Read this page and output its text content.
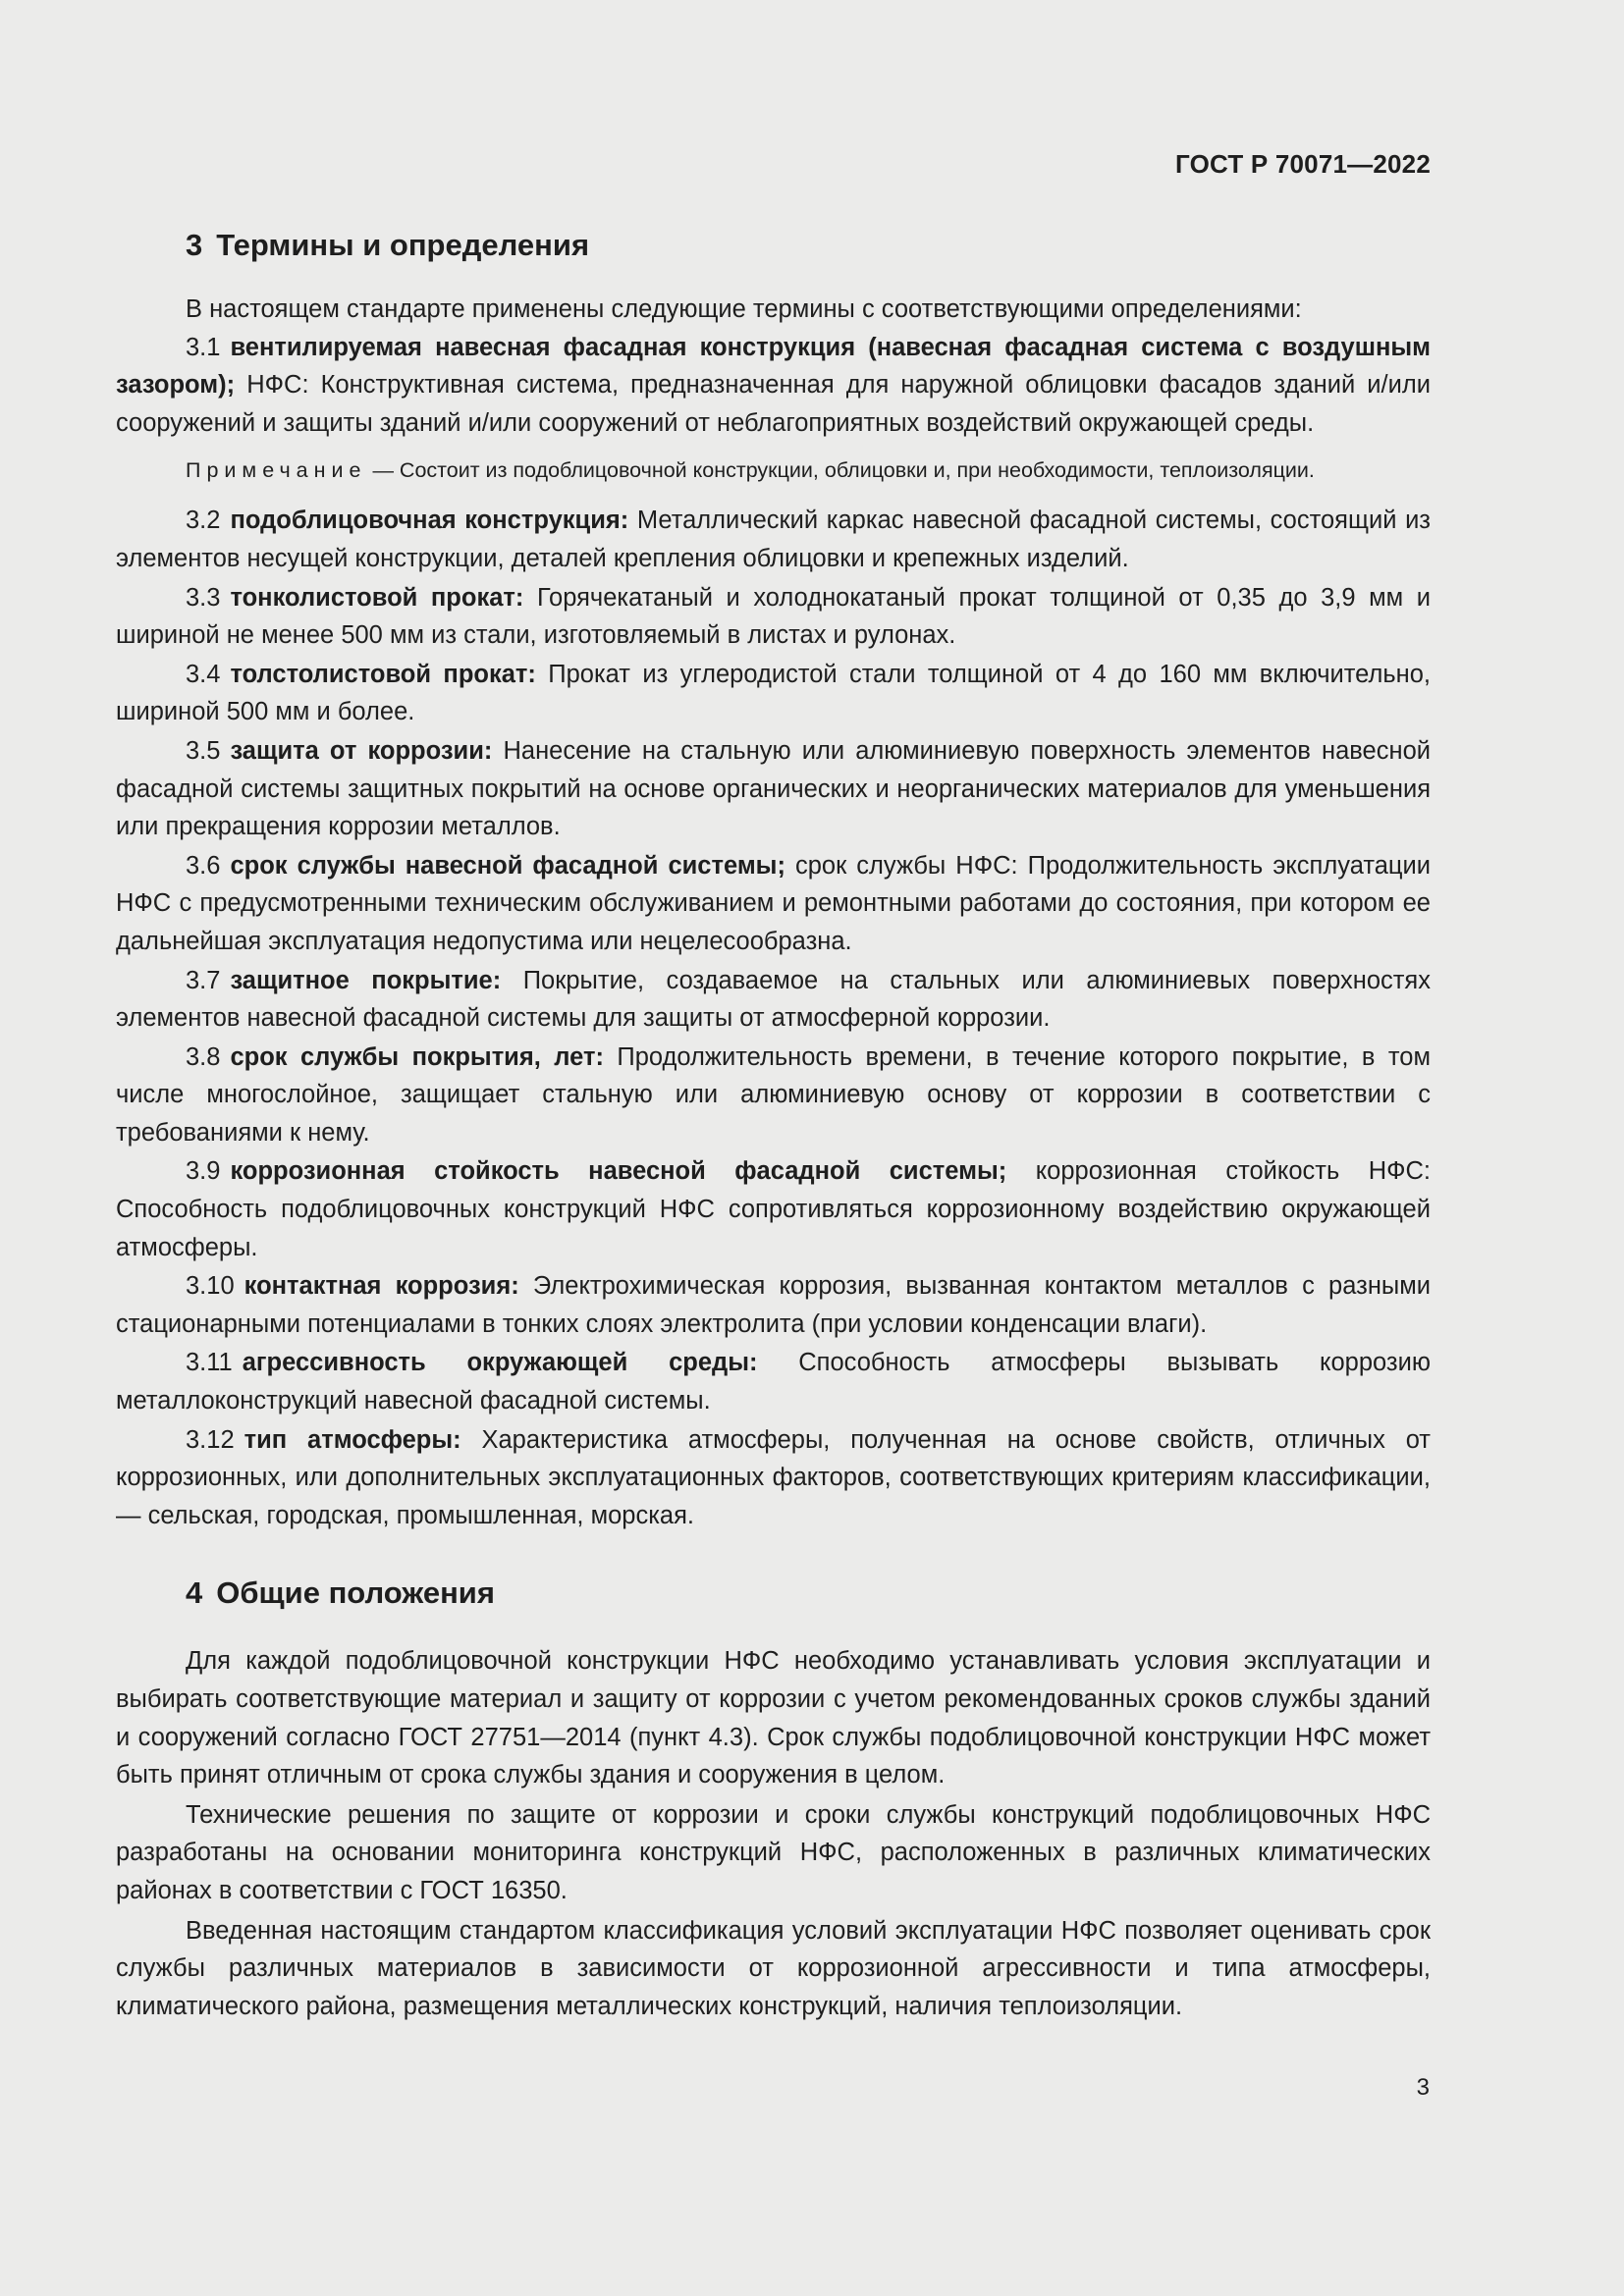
ГОСТ Р 70071—2022
3 Термины и определения

В настоящем стандарте применены следующие термины с соответствующими определениями:

3.1 вентилируемая навесная фасадная конструкция (навесная фасадная система с воздушным зазором); НФС: Конструктивная система, предназначенная для наружной облицовки фасадов зданий и/или сооружений и защиты зданий и/или сооружений от неблагоприятных воздействий окружающей среды.

Примечание — Состоит из подоблицовочной конструкции, облицовки и, при необходимости, теплоизоляции.

3.2 подоблицовочная конструкция: Металлический каркас навесной фасадной системы, состоящий из элементов несущей конструкции, деталей крепления облицовки и крепежных изделий.

3.3 тонколистовой прокат: Горячекатаный и холоднокатаный прокат толщиной от 0,35 до 3,9 мм и шириной не менее 500 мм из стали, изготовляемый в листах и рулонах.

3.4 толстолистовой прокат: Прокат из углеродистой стали толщиной от 4 до 160 мм включительно, шириной 500 мм и более.

3.5 защита от коррозии: Нанесение на стальную или алюминиевую поверхность элементов навесной фасадной системы защитных покрытий на основе органических и неорганических материалов для уменьшения или прекращения коррозии металлов.

3.6 срок службы навесной фасадной системы; срок службы НФС: Продолжительность эксплуатации НФС с предусмотренными техническим обслуживанием и ремонтными работами до состояния, при котором ее дальнейшая эксплуатация недопустима или нецелесообразна.

3.7 защитное покрытие: Покрытие, создаваемое на стальных или алюминиевых поверхностях элементов навесной фасадной системы для защиты от атмосферной коррозии.

3.8 срок службы покрытия, лет: Продолжительность времени, в течение которого покрытие, в том числе многослойное, защищает стальную или алюминиевую основу от коррозии в соответствии с требованиями к нему.

3.9 коррозионная стойкость навесной фасадной системы; коррозионная стойкость НФС: Способность подоблицовочных конструкций НФС сопротивляться коррозионному воздействию окружающей атмосферы.

3.10 контактная коррозия: Электрохимическая коррозия, вызванная контактом металлов с разными стационарными потенциалами в тонких слоях электролита (при условии конденсации влаги).

3.11 агрессивность окружающей среды: Способность атмосферы вызывать коррозию металлоконструкций навесной фасадной системы.

3.12 тип атмосферы: Характеристика атмосферы, полученная на основе свойств, отличных от коррозионных, или дополнительных эксплуатационных факторов, соответствующих критериям классификации, — сельская, городская, промышленная, морская.

4 Общие положения

Для каждой подоблицовочной конструкции НФС необходимо устанавливать условия эксплуатации и выбирать соответствующие материал и защиту от коррозии с учетом рекомендованных сроков службы зданий и сооружений согласно ГОСТ 27751—2014 (пункт 4.3). Срок службы подоблицовочной конструкции НФС может быть принят отличным от срока службы здания и сооружения в целом.

Технические решения по защите от коррозии и сроки службы конструкций подоблицовочных НФС разработаны на основании мониторинга конструкций НФС, расположенных в различных климатических районах в соответствии с ГОСТ 16350.

Введенная настоящим стандартом классификация условий эксплуатации НФС позволяет оценивать срок службы различных материалов в зависимости от коррозионной агрессивности и типа атмосферы, климатического района, размещения металлических конструкций, наличия теплоизоляции.

3
